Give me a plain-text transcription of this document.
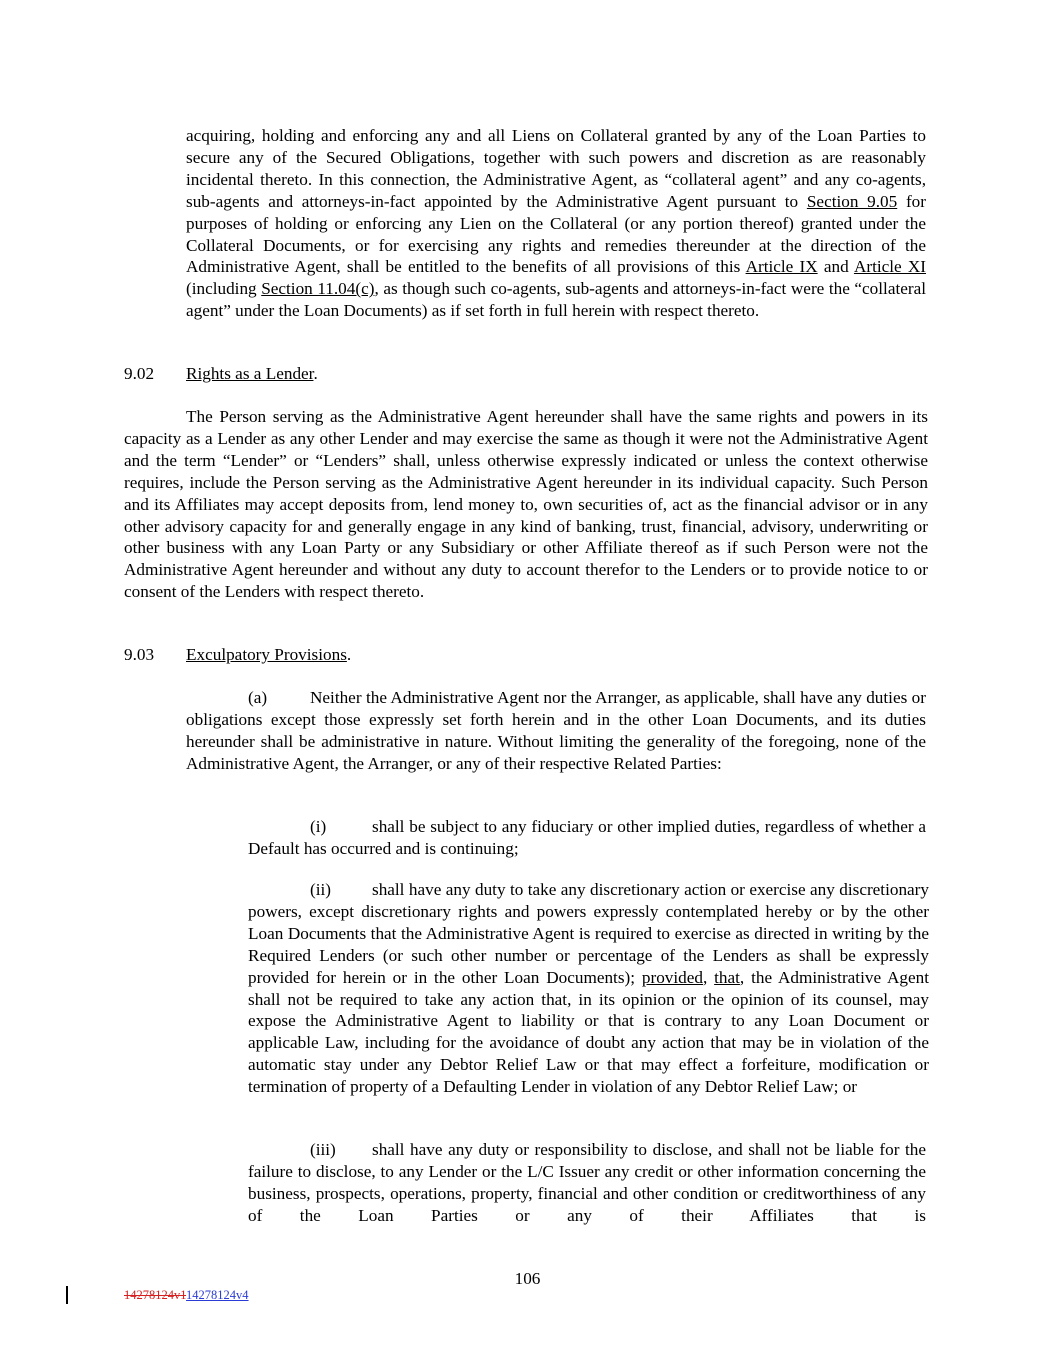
acquiring, holding and enforcing any and all Liens on Collateral granted by any of the Loan Parties to secure any of the Secured Obligations, together with such powers and discretion as are reasonably incidental thereto. In this connection, the Administrative Agent, as “collateral agent” and any co-agents, sub-agents and attorneys-in-fact appointed by the Administrative Agent pursuant to Section 9.05 for purposes of holding or enforcing any Lien on the Collateral (or any portion thereof) granted under the Collateral Documents, or for exercising any rights and remedies thereunder at the direction of the Administrative Agent, shall be entitled to the benefits of all provisions of this Article IX and Article XI (including Section 11.04(c), as though such co-agents, sub-agents and attorneys-in-fact were the “collateral agent” under the Loan Documents) as if set forth in full herein with respect thereto.

9.02 Rights as a Lender.

The Person serving as the Administrative Agent hereunder shall have the same rights and powers in its capacity as a Lender as any other Lender and may exercise the same as though it were not the Administrative Agent and the term “Lender” or “Lenders” shall, unless otherwise expressly indicated or unless the context otherwise requires, include the Person serving as the Administrative Agent hereunder in its individual capacity. Such Person and its Affiliates may accept deposits from, lend money to, own securities of, act as the financial advisor or in any other advisory capacity for and generally engage in any kind of banking, trust, financial, advisory, underwriting or other business with any Loan Party or any Subsidiary or other Affiliate thereof as if such Person were not the Administrative Agent hereunder and without any duty to account therefor to the Lenders or to provide notice to or consent of the Lenders with respect thereto.

9.03 Exculpatory Provisions.

(a) Neither the Administrative Agent nor the Arranger, as applicable, shall have any duties or obligations except those expressly set forth herein and in the other Loan Documents, and its duties hereunder shall be administrative in nature. Without limiting the generality of the foregoing, none of the Administrative Agent, the Arranger, or any of their respective Related Parties:

(i)	shall be subject to any fiduciary or other implied duties, regardless of whether a Default has occurred and is continuing;

(ii) shall have any duty to take any discretionary action or exercise any discretionary powers, except discretionary rights and powers expressly contemplated hereby or by the other Loan Documents that the Administrative Agent is required to exercise as directed in writing by the Required Lenders (or such other number or percentage of the Lenders as shall be expressly provided for herein or in the other Loan Documents); provided, that, the Administrative Agent shall not be required to take any action that, in its opinion or the opinion of its counsel, may expose the Administrative Agent to liability or that is contrary to any Loan Document or applicable Law, including for the avoidance of doubt any action that may be in violation of the automatic stay under any Debtor Relief Law or that may effect a forfeiture, modification or termination of property of a Defaulting Lender in violation of any Debtor Relief Law; or

(iii) shall have any duty or responsibility to disclose, and shall not be liable for the failure to disclose, to any Lender or the L/C Issuer any credit or other information concerning the business, prospects, operations, property, financial and other condition or creditworthiness of any of the Loan Parties or any of their Affiliates that is

106
14278124v114278124v4
